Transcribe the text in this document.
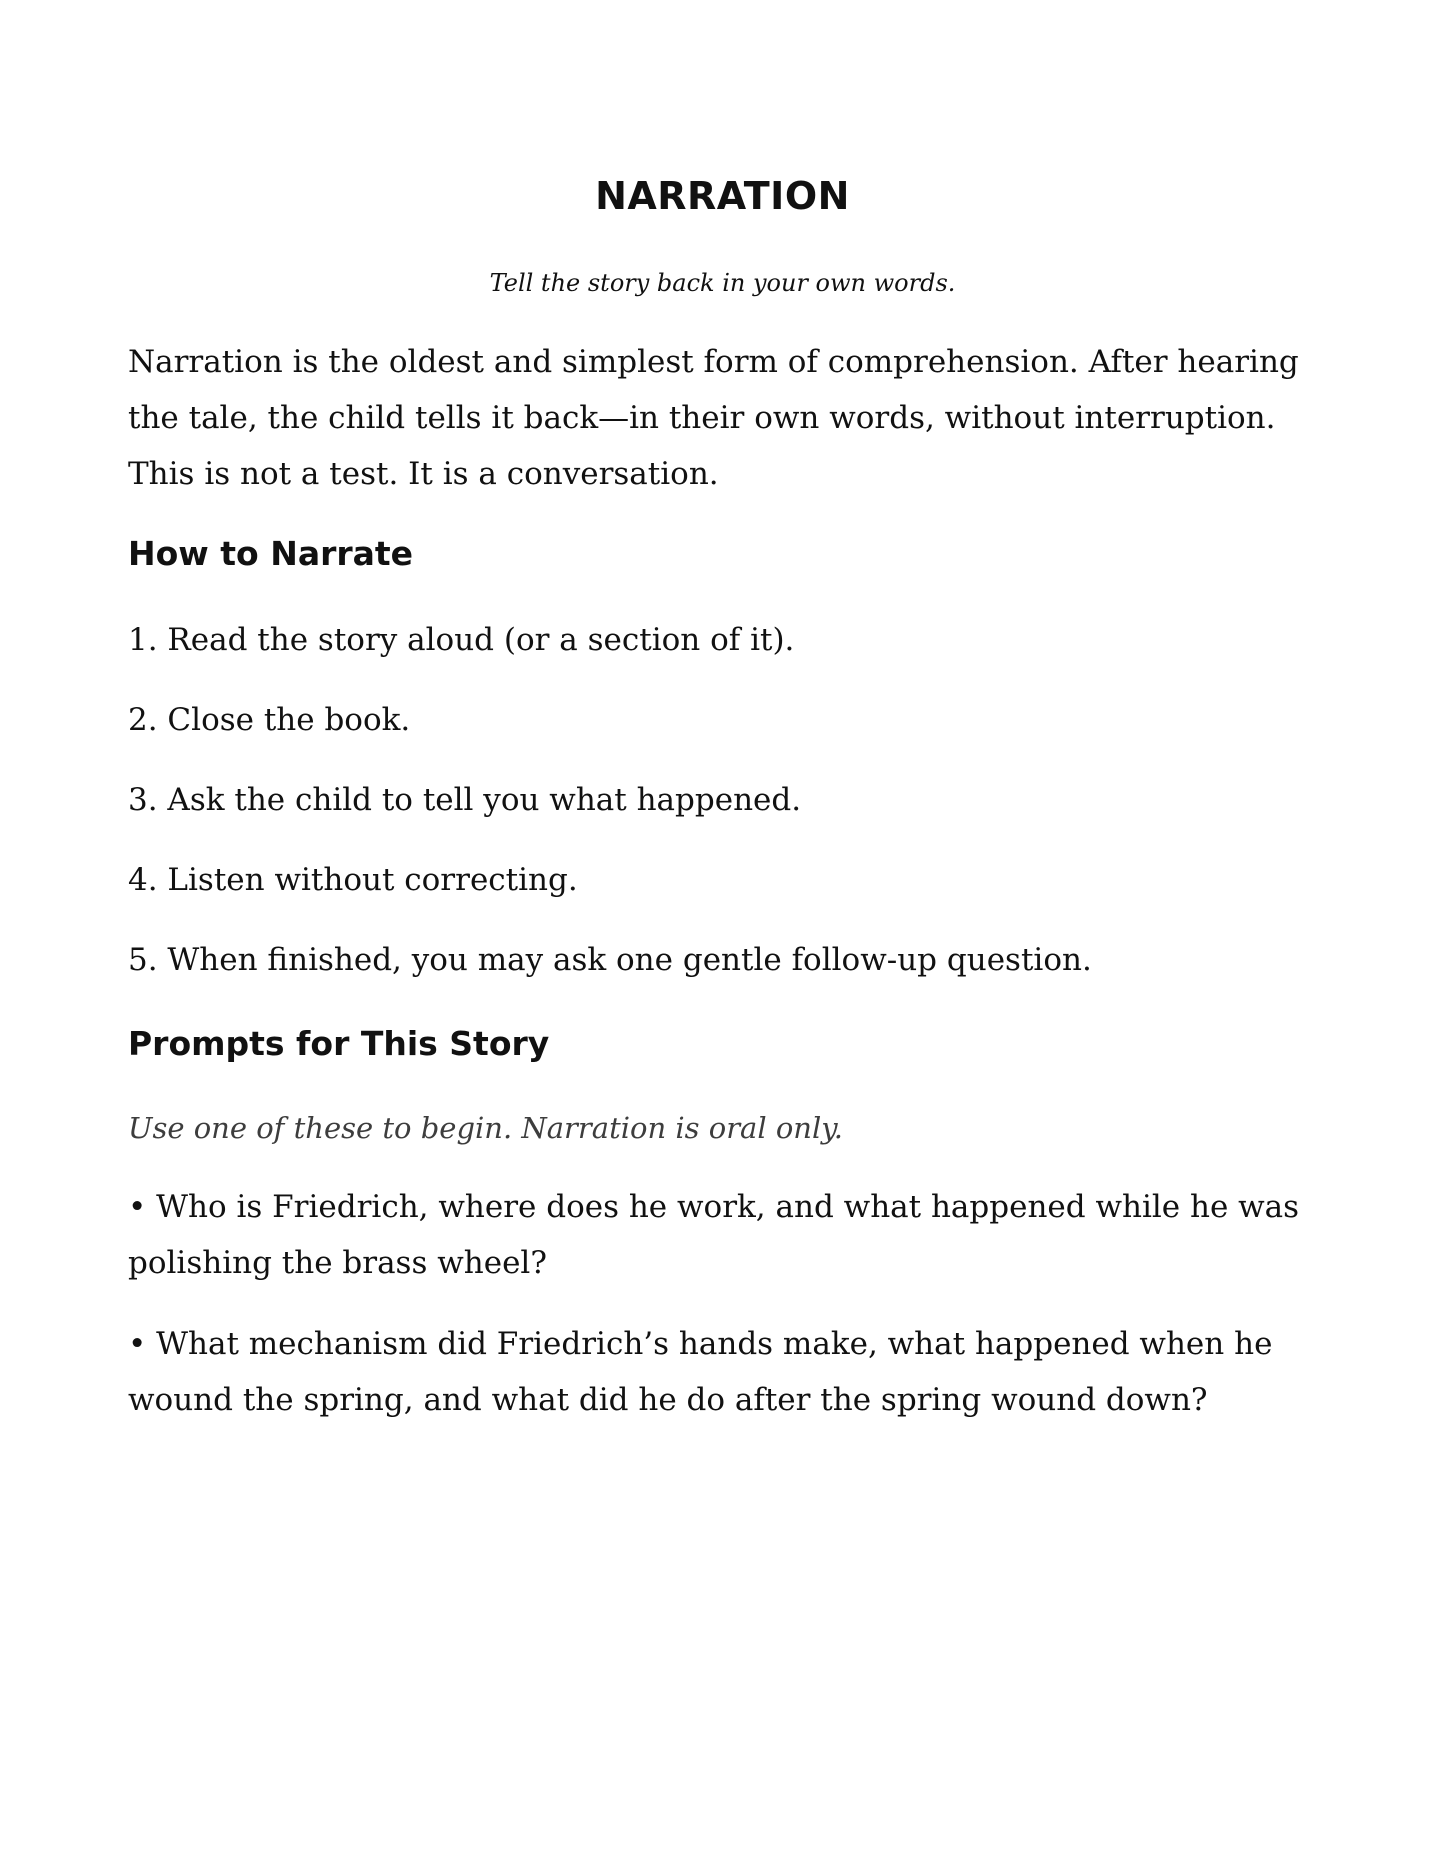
NARRATION

Tell the story back in your own words.

Narration is the oldest and simplest form of comprehension. After hearing the tale, the child tells it back—in their own words, without interruption. This is not a test. It is a conversation.

How to Narrate

1. Read the story aloud (or a section of it).

2. Close the book.

3. Ask the child to tell you what happened.

4. Listen without correcting.

5. When finished, you may ask one gentle follow-up question.

Prompts for This Story

Use one of these to begin. Narration is oral only.

• Who is Friedrich, where does he work, and what happened while he was polishing the brass wheel?

• What mechanism did Friedrich’s hands make, what happened when he wound the spring, and what did he do after the spring wound down?
